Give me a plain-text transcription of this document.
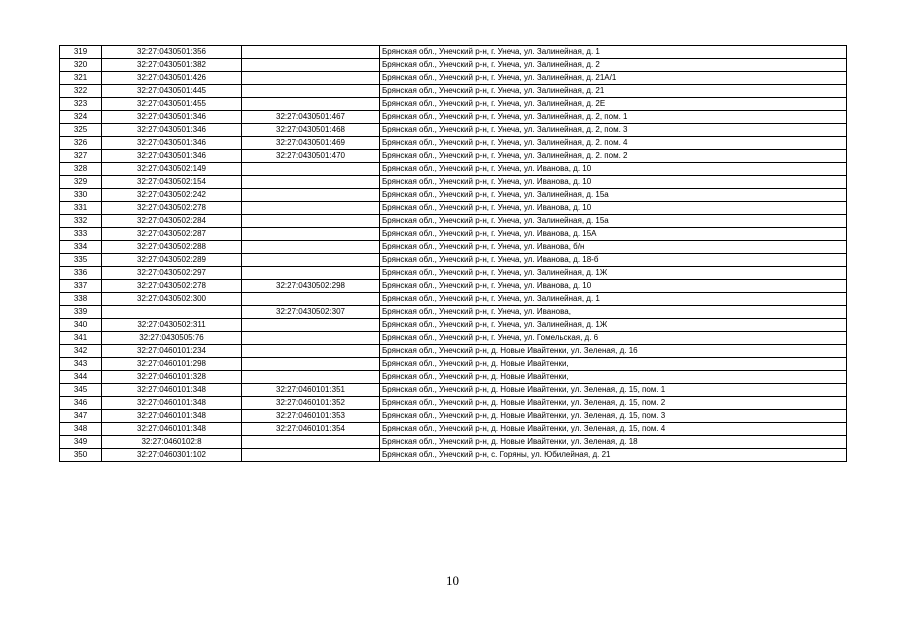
319	32:27:0430501:356		Брянская обл., Унечский р-н, г. Унеча, ул. Залинейная, д. 1
320	32:27:0430501:382		Брянская обл., Унечский р-н, г. Унеча, ул. Залинейная, д. 2
321	32:27:0430501:426		Брянская обл., Унечский р-н, г. Унеча, ул. Залинейная, д. 21А/1
322	32:27:0430501:445		Брянская обл., Унечский р-н, г. Унеча, ул. Залинейная, д. 21
323	32:27:0430501:455		Брянская обл., Унечский р-н, г. Унеча, ул. Залинейная, д. 2Е
324	32:27:0430501:346	32:27:0430501:467	Брянская обл., Унечский р-н, г. Унеча, ул. Залинейная, д. 2, пом. 1
325	32:27:0430501:346	32:27:0430501:468	Брянская обл., Унечский р-н, г. Унеча, ул. Залинейная, д. 2, пом. 3
326	32:27:0430501:346	32:27:0430501:469	Брянская обл., Унечский р-н, г. Унеча, ул. Залинейная, д. 2. пом. 4
327	32:27:0430501:346	32:27:0430501:470	Брянская обл., Унечский р-н, г. Унеча, ул. Залинейная, д. 2. пом. 2
328	32:27:0430502:149		Брянская обл., Унечский р-н, г. Унеча, ул. Иванова, д. 10
329	32:27:0430502:154		Брянская обл., Унечский р-н, г. Унеча, ул. Иванова, д. 10
330	32:27:0430502:242		Брянская обл., Унечский р-н, г. Унеча, ул. Залинейная, д. 15а
331	32:27:0430502:278		Брянская обл., Унечский р-н, г. Унеча, ул. Иванова, д. 10
332	32:27:0430502:284		Брянская обл., Унечский р-н, г. Унеча, ул. Залинейная, д. 15а
333	32:27:0430502:287		Брянская обл., Унечский р-н, г. Унеча, ул. Иванова, д. 15А
334	32:27:0430502:288		Брянская обл., Унечский р-н, г. Унеча, ул. Иванова, б/н
335	32:27:0430502:289		Брянская обл., Унечский р-н, г. Унеча, ул. Иванова, д. 18-б
336	32:27:0430502:297		Брянская обл., Унечский р-н, г. Унеча, ул. Залинейная, д. 1Ж
337	32:27:0430502:278	32:27:0430502:298	Брянская обл., Унечский р-н, г. Унеча, ул. Иванова, д. 10
338	32:27:0430502:300		Брянская обл., Унечский р-н, г. Унеча, ул. Залинейная, д. 1
339		32:27:0430502:307	Брянская обл., Унечский р-н, г. Унеча, ул. Иванова,
340	32:27:0430502:311		Брянская обл., Унечский р-н, г. Унеча, ул. Залинейная, д. 1Ж
341	32:27:0430505:76		Брянская обл., Унечский р-н, г. Унеча, ул. Гомельская, д. 6
342	32:27:0460101:234		Брянская обл., Унечский р-н, д. Новые Ивайтенки, ул. Зеленая, д. 16
343	32:27:0460101:298		Брянская обл., Унечский р-н, д. Новые Ивайтенки,
344	32:27:0460101:328		Брянская обл., Унечский р-н, д. Новые Ивайтенки,
345	32:27:0460101:348	32:27:0460101:351	Брянская обл., Унечский р-н, д. Новые Ивайтенки, ул. Зеленая, д. 15, пом. 1
346	32:27:0460101:348	32:27:0460101:352	Брянская обл., Унечский р-н, д. Новые Ивайтенки, ул. Зеленая, д. 15, пом. 2
347	32:27:0460101:348	32:27:0460101:353	Брянская обл., Унечский р-н, д. Новые Ивайтенки, ул. Зеленая, д. 15, пом. 3
348	32:27:0460101:348	32:27:0460101:354	Брянская обл., Унечский р-н, д. Новые Ивайтенки, ул. Зеленая, д. 15, пом. 4
349	32:27:0460102:8		Брянская обл., Унечский р-н, д. Новые Ивайтенки, ул. Зеленая, д. 18
350	32:27:0460301:102		Брянская обл., Унечский р-н, с. Горяны, ул. Юбилейная, д. 21
10
